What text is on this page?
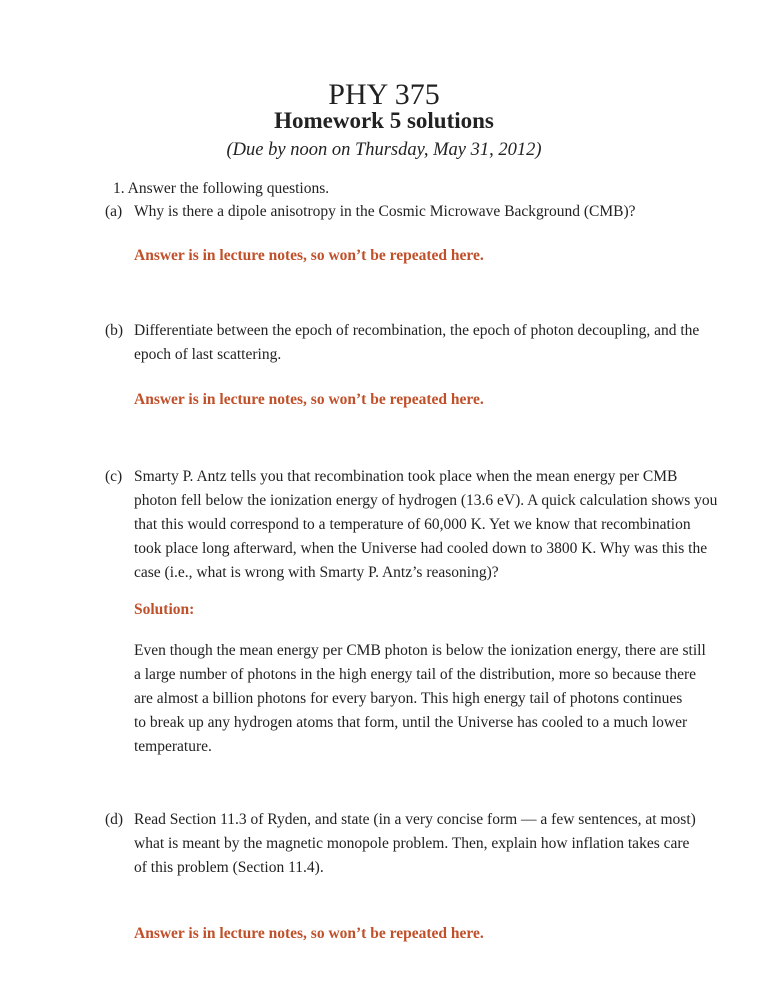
PHY 375
Homework 5 solutions
(Due by noon on Thursday, May 31, 2012)
1. Answer the following questions.
(a) Why is there a dipole anisotropy in the Cosmic Microwave Background (CMB)?
Answer is in lecture notes, so won’t be repeated here.
(b) Differentiate between the epoch of recombination, the epoch of photon decoupling, and the
epoch of last scattering.
Answer is in lecture notes, so won’t be repeated here.
(c) Smarty P. Antz tells you that recombination took place when the mean energy per CMB
photon fell below the ionization energy of hydrogen (13.6 eV). A quick calculation shows you
that this would correspond to a temperature of 60,000 K. Yet we know that recombination
took place long afterward, when the Universe had cooled down to 3800 K. Why was this the
case (i.e., what is wrong with Smarty P. Antz’s reasoning)?
Solution:
Even though the mean energy per CMB photon is below the ionization energy, there are still
a large number of photons in the high energy tail of the distribution, more so because there
are almost a billion photons for every baryon. This high energy tail of photons continues
to break up any hydrogen atoms that form, until the Universe has cooled to a much lower
temperature.
(d) Read Section 11.3 of Ryden, and state (in a very concise form — a few sentences, at most)
what is meant by the magnetic monopole problem. Then, explain how inflation takes care
of this problem (Section 11.4).
Answer is in lecture notes, so won’t be repeated here.
